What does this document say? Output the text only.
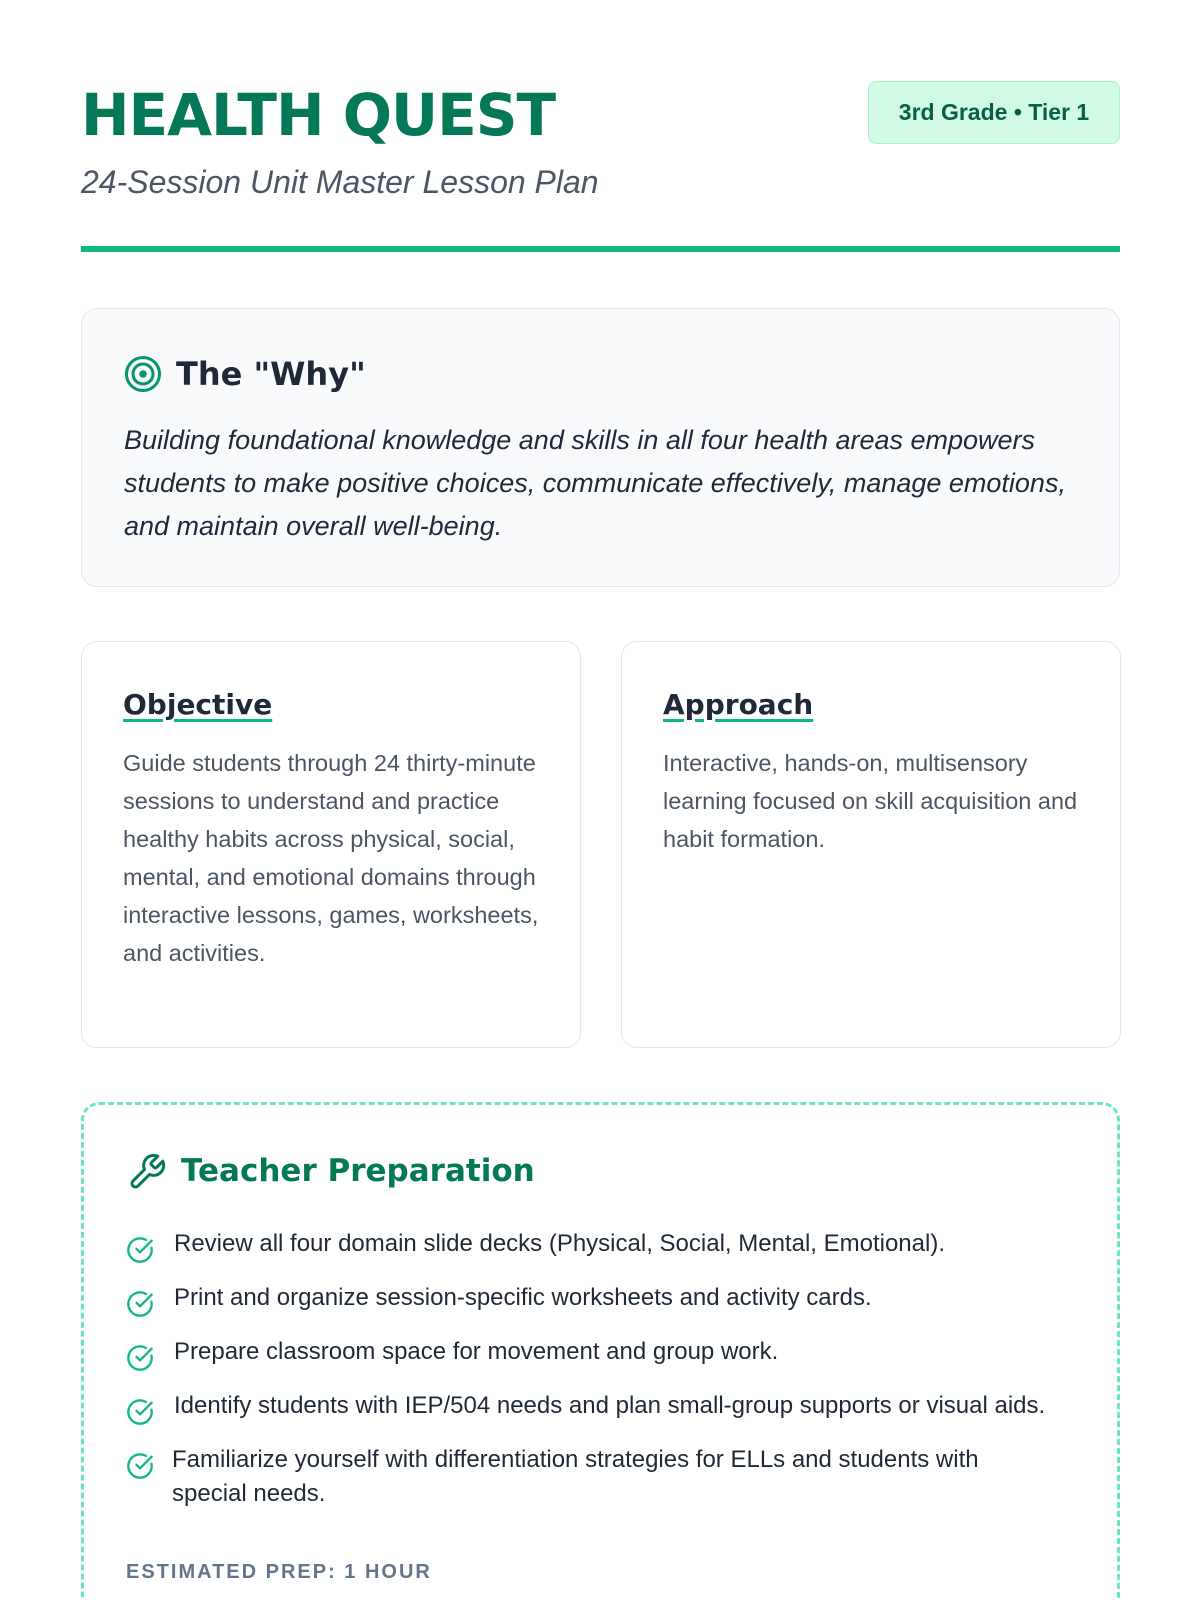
HEALTH QUEST
24-Session Unit Master Lesson Plan
3rd Grade • Tier 1
The "Why"

Building foundational knowledge and skills in all four health areas empowers students to make positive choices, communicate effectively, manage emotions, and maintain overall well-being.

Objective

Guide students through 24 thirty-minute sessions to understand and practice healthy habits across physical, social, mental, and emotional domains through interactive lessons, games, worksheets, and activities.

Approach

Interactive, hands-on, multisensory learning focused on skill acquisition and habit formation.

Teacher Preparation
Review all four domain slide decks (Physical, Social, Mental, Emotional).
Print and organize session-specific worksheets and activity cards.
Prepare classroom space for movement and group work.
Identify students with IEP/504 needs and plan small-group supports or visual aids.
Familiarize yourself with differentiation strategies for ELLs and students with special needs.
ESTIMATED PREP: 1 HOUR
